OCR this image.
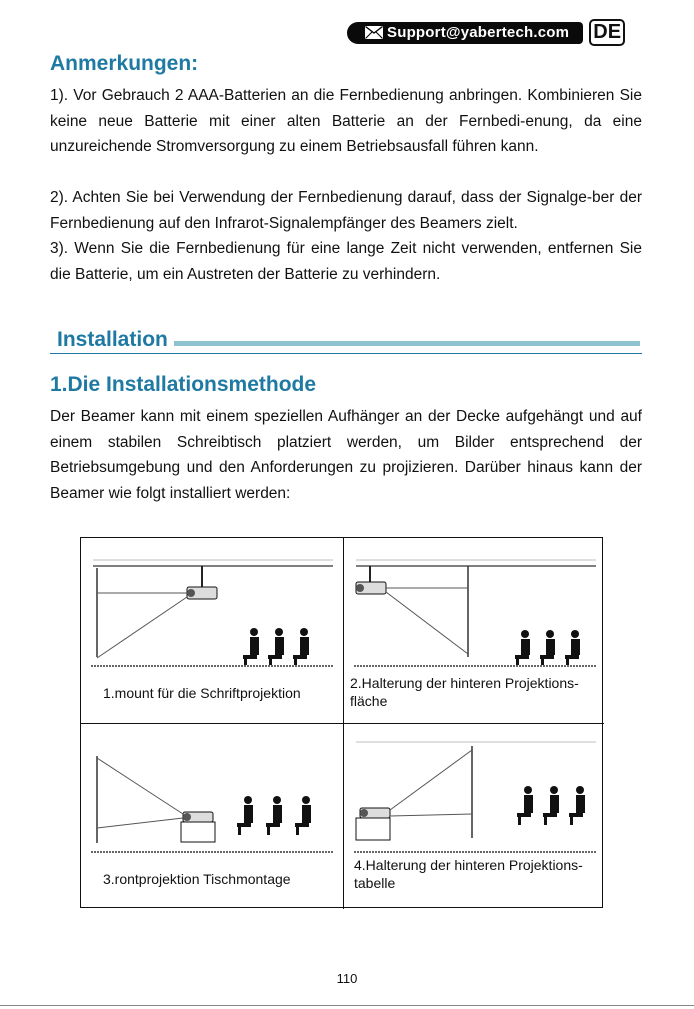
Support@yabertech.com DE
Anmerkungen:

1). Vor Gebrauch 2 AAA-Batterien an die Fernbedienung anbringen. Kombinieren Sie keine neue Batterie mit einer alten Batterie an der Fernbedi-enung, da eine unzureichende Stromversorgung zu einem Betriebsausfall führen kann.

2). Achten Sie bei Verwendung der Fernbedienung darauf, dass der Signalge-ber der Fernbedienung auf den Infrarot-Signalempfänger des Beamers zielt.

3). Wenn Sie die Fernbedienung für eine lange Zeit nicht verwenden, entfernen Sie die Batterie, um ein Austreten der Batterie zu verhindern.

Installation
1.Die Installationsmethode

Der Beamer kann mit einem speziellen Aufhänger an der Decke aufgehängt und auf einem stabilen Schreibtisch platziert werden, um Bilder entsprechend der Betriebsumgebung und den Anforderungen zu projizieren. Darüber hinaus kann der Beamer wie folgt installiert werden:

1.mount für die Schriftprojektion
2.Halterung der hinteren Projektions-fläche
3.rontprojektion Tischmontage
4.Halterung der hinteren Projektions-tabelle
110
